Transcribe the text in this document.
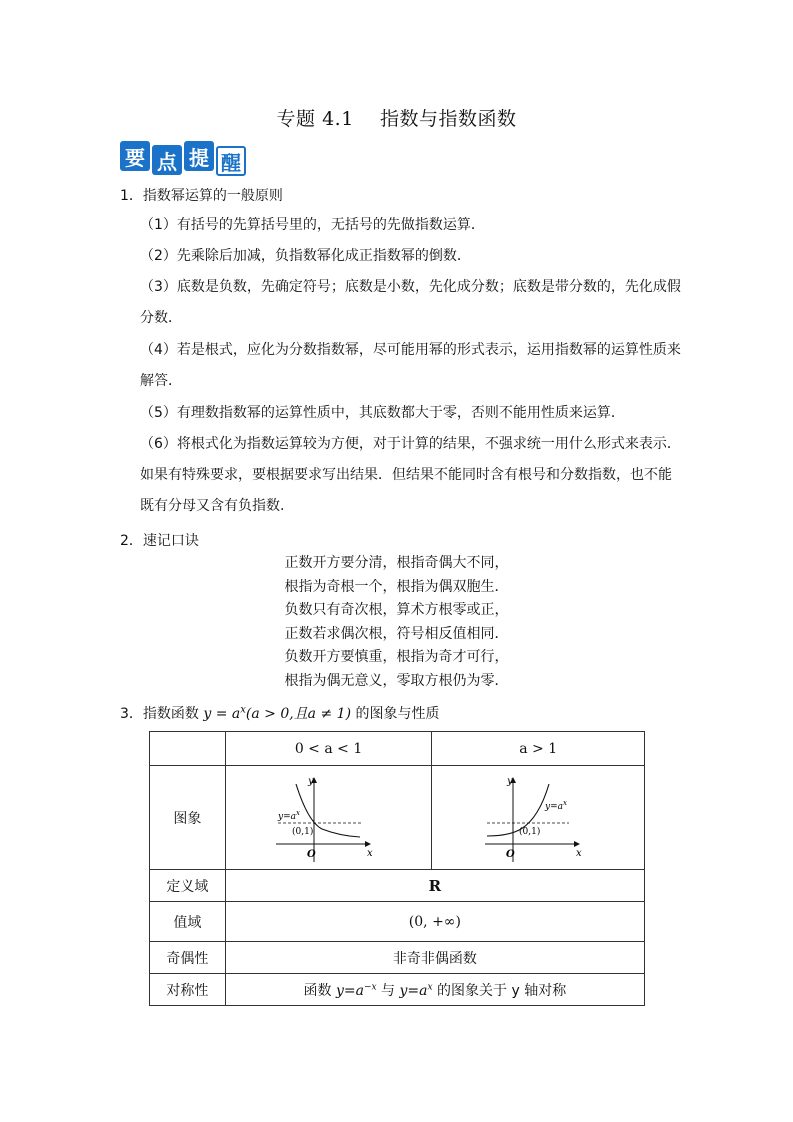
专题 4.1    指数与指数函数
要 点 提 醒
1．指数幂运算的一般原则
（1）有括号的先算括号里的，无括号的先做指数运算．
（2）先乘除后加减，负指数幂化成正指数幂的倒数．
（3）底数是负数，先确定符号；底数是小数，先化成分数；底数是带分数的，先化成假分数．
（4）若是根式，应化为分数指数幂，尽可能用幂的形式表示，运用指数幂的运算性质来解答．
（5）有理数指数幂的运算性质中，其底数都大于零，否则不能用性质来运算．
（6）将根式化为指数运算较为方便，对于计算的结果，不强求统一用什么形式来表示．如果有特殊要求，要根据要求写出结果．但结果不能同时含有根号和分数指数，也不能既有分母又含有负指数.
2．速记口诀
正数开方要分清，根指奇偶大不同，
根指为奇根一个，根指为偶双胞生．
负数只有奇次根，算术方根零或正，
正数若求偶次根，符号相反值相同．
负数开方要慎重，根指为奇才可行，
根指为偶无意义，零取方根仍为零．
3．指数函数 $y = a^x(a > 0$,且a ≠ 1) 的图象与性质
	0 < a < 1	a > 1
图象	$y=a^x$
(0,1)
O x
y	$y=a^x$
(0,1)
O x
y

定义域	R	
值域	(0, +∞)	
奇偶性	非奇非偶函数	
对称性	函数 $y=a^{-x}$ 与 $y=a^x$ 的图象关于 y 轴对称	
